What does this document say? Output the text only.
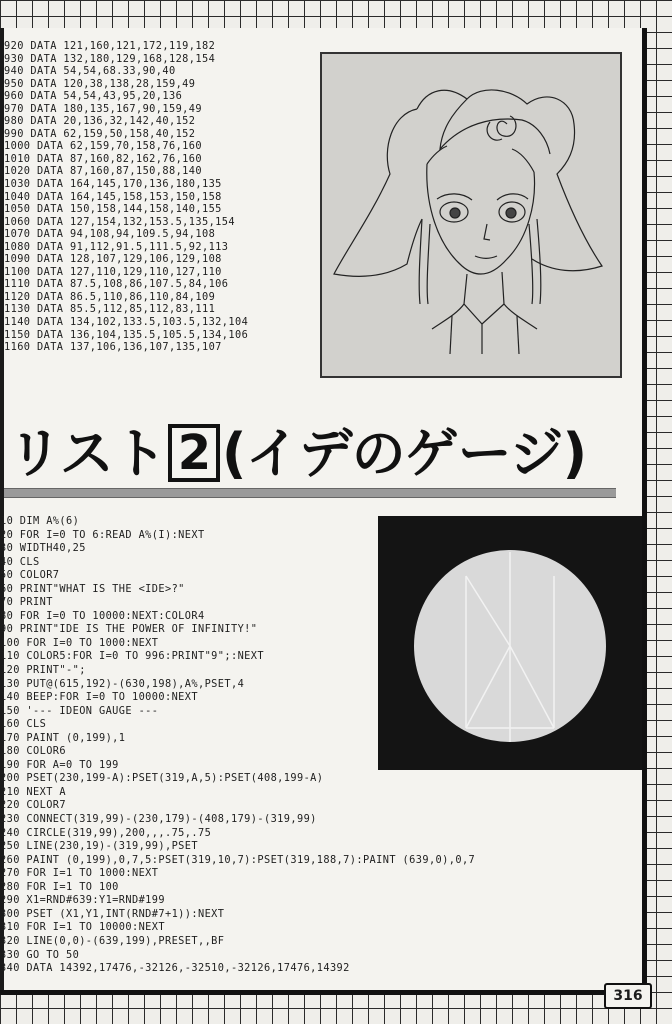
920 DATA 121,160,121,172,119,182
930 DATA 132,180,129,168,128,154
940 DATA 54,54,68.33,90,40
950 DATA 120,38,138,28,159,49
960 DATA 54,54,43,95,20,136
970 DATA 180,135,167,90,159,49
980 DATA 20,136,32,142,40,152
990 DATA 62,159,50,158,40,152
1000 DATA 62,159,70,158,76,160
1010 DATA 87,160,82,162,76,160
1020 DATA 87,160,87,150,88,140
1030 DATA 164,145,170,136,180,135
1040 DATA 164,145,158,153,150,158
1050 DATA 150,158,144,158,140,155
1060 DATA 127,154,132,153.5,135,154
1070 DATA 94,108,94,109.5,94,108
1080 DATA 91,112,91.5,111.5,92,113
1090 DATA 128,107,129,106,129,108
1100 DATA 127,110,129,110,127,110
1110 DATA 87.5,108,86,107.5,84,106
1120 DATA 86.5,110,86,110,84,109
1130 DATA 85.5,112,85,112,83,111
1140 DATA 134,102,133.5,103.5,132,104
1150 DATA 136,104,135.5,105.5,134,106
1160 DATA 137,106,136,107,135,107
リスト 2 (イデのゲージ)
10 DIM A%(6)
20 FOR I=0 TO 6:READ A%(I):NEXT
30 WIDTH40,25
40 CLS
50 COLOR7
60 PRINT"WHAT IS THE <IDE>?"
70 PRINT
80 FOR I=0 TO 10000:NEXT:COLOR4
90 PRINT"IDE IS THE POWER OF INFINITY!"
100 FOR I=0 TO 1000:NEXT
110 COLOR5:FOR I=0 TO 996:PRINT"9";:NEXT
120 PRINT"-";
130 PUT@(615,192)-(630,198),A%,PSET,4
140 BEEP:FOR I=0 TO 10000:NEXT
150 '--- IDEON GAUGE ---
160 CLS
170 PAINT (0,199),1
180 COLOR6
190 FOR A=0 TO 199
200 PSET(230,199-A):PSET(319,A,5):PSET(408,199-A)
210 NEXT A
220 COLOR7
230 CONNECT(319,99)-(230,179)-(408,179)-(319,99)
240 CIRCLE(319,99),200,,,.75,.75
250 LINE(230,19)-(319,99),PSET
260 PAINT (0,199),0,7,5:PSET(319,10,7):PSET(319,188,7):PAINT (639,0),0,7
270 FOR I=1 TO 1000:NEXT
280 FOR I=1 TO 100
290 X1=RND#639:Y1=RND#199
300 PSET (X1,Y1,INT(RND#7+1)):NEXT
310 FOR I=1 TO 10000:NEXT
320 LINE(0,0)-(639,199),PRESET,,BF
330 GO TO 50
340 DATA 14392,17476,-32126,-32510,-32126,17476,14392
316
